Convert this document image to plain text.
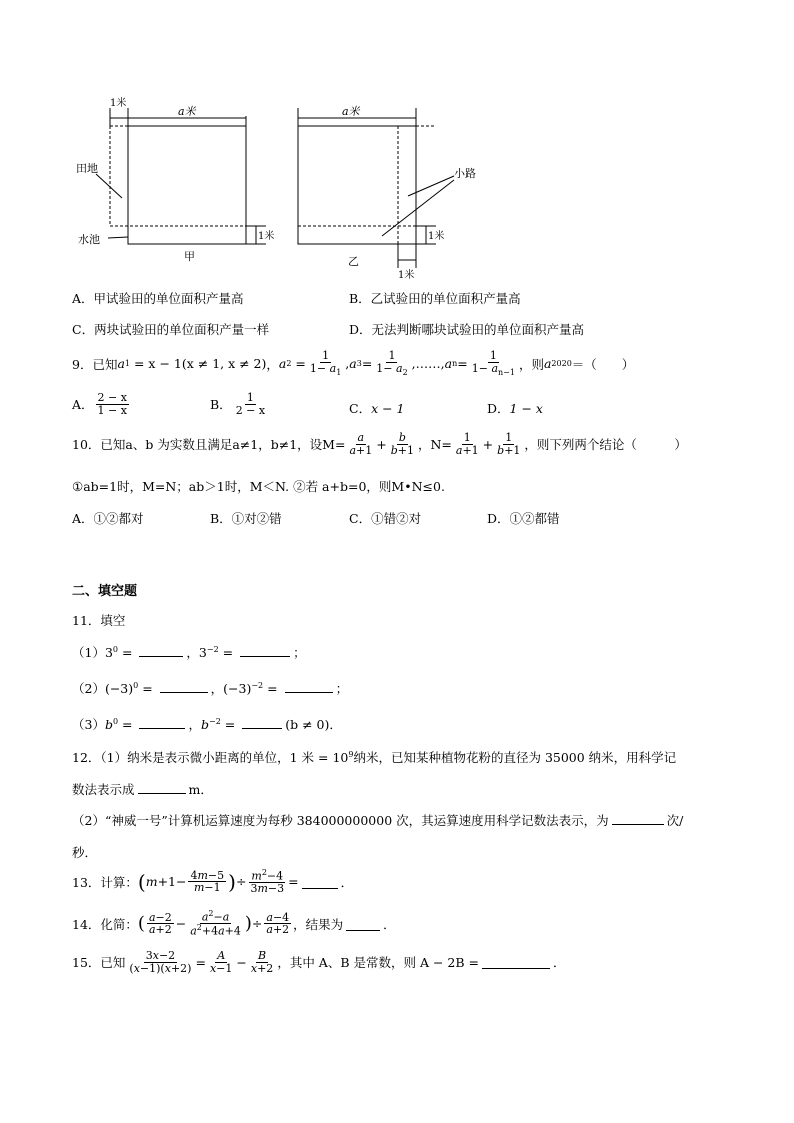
a米
1米
田地
水池	1米
甲
a米
小路
1米
乙
1米
A．甲试验田的单位面积产量高	B．乙试验田的单位面积产量高
C．两块试验田的单位面积产量一样	D．无法判断哪块试验田的单位面积产量高
9．已知 a 1 = x − 1 (x ≠ 1, x ≠ 2) ， a $2 = \frac{1}{1- a_1}$ , a $3 = \frac{1}{1- a_2}$ ,……, a $n = \frac{1}{1- a_{n-1}}$ ，则 a 2020 ＝（　　）
A． $\frac{2 - x}{1 - x}$	B． $\frac{1}{2 - x}$	C．x − 1	D．1 − x
10．已知 a、b 为实数且满足 a≠1，b≠1，设 $M= \frac{a}{a+1} + \frac{b}{b+1}$ ，$N= \frac{1}{a+1} + \frac{1}{b+1}$ ，则下列两个结论（　　　）
①ab=1时，M=N；ab＞1时，M＜N. ②若 a+b=0，则M•N≤0.
A．①②都对	B．①对②错	C．①错②对	D．①②都错
二、填空题
11．填空
$(1)3^0$ =	，$3^{-2}$ =	；
$(2)(-3)^0$ =	，$(-3)^{-2}$ =	；
$(3)b^0$ =	，$b^{-2}$ =	(b ≠ 0)．
12．（1）纳米是表示微小距离的单位，1 米 = $10^9$纳米，已知某种植物花粉的直径为 35000 纳米，用科学记
数法表示成	m．
（2）“神威一号”计算机运算速度为每秒 384000000000 次，其运算速度用科学记数法表示，为	次/
秒．
13．计算： ( $m +1- \frac{4m-5}{m-1}$ ) ÷ $\frac{m^2-4}{3m-3}$ =	．
14．化简： ( $\frac{a-2}{a+2} - \frac{a^2-a}{a^2+4a+4}$ ) ÷ $\frac{a-4}{a+2}$ ，结果为	．
15．已知 $\frac{3x-2}{(x-1)(x+2)} = \frac{A}{x-1} - \frac{B}{x+2}$ ，其中 A、B 是常数，则 A − 2B =	．
